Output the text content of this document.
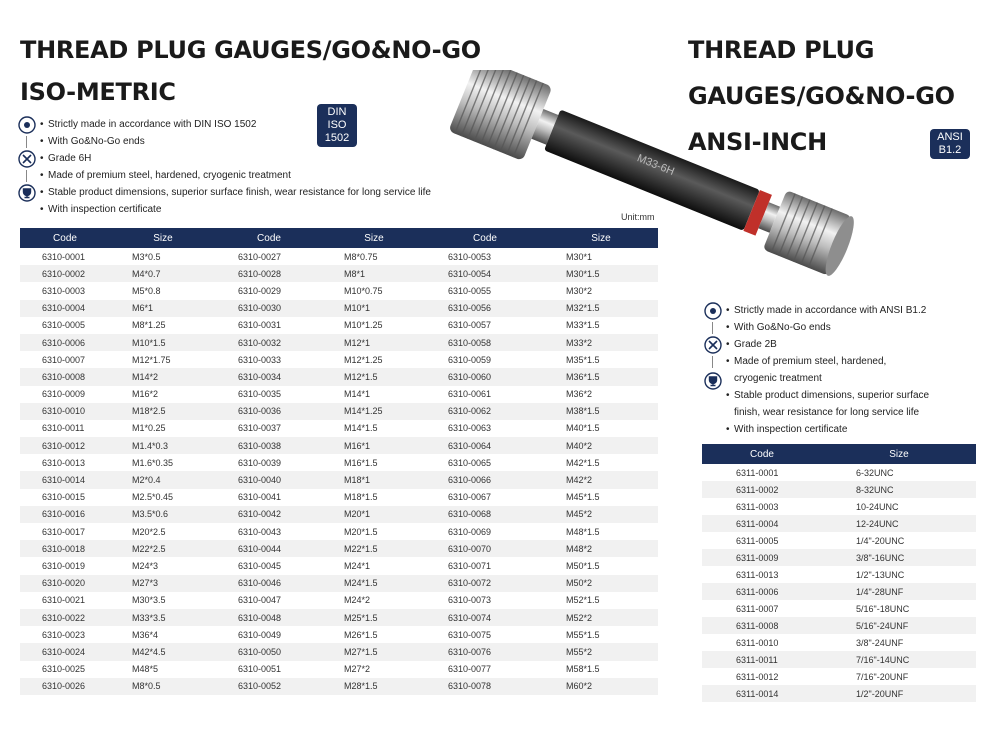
THREAD PLUG GAUGES/GO&NO-GO
ISO-METRIC
DIN ISO
1502
THREAD PLUG
GAUGES/GO&NO-GO
ANSI-INCH	ANSI
B1.2
M33-6H
• Strictly made in accordance with DIN ISO 1502
• With Go&No-Go ends
• Grade 6H
• Made of premium steel, hardened, cryogenic treatment
• Stable product dimensions, superior surface finish, wear resistance for long service life
• With inspection certificate
Unit:mm
Code	Size	Code	Size	Code	Size
6310-0001	M3*0.5	6310-0027	M8*0.75	6310-0053	M30*1
6310-0002	M4*0.7	6310-0028	M8*1	6310-0054	M30*1.5
6310-0003	M5*0.8	6310-0029	M10*0.75	6310-0055	M30*2
6310-0004	M6*1	6310-0030	M10*1	6310-0056	M32*1.5
6310-0005	M8*1.25	6310-0031	M10*1.25	6310-0057	M33*1.5
6310-0006	M10*1.5	6310-0032	M12*1	6310-0058	M33*2
6310-0007	M12*1.75	6310-0033	M12*1.25	6310-0059	M35*1.5
6310-0008	M14*2	6310-0034	M12*1.5	6310-0060	M36*1.5
6310-0009	M16*2	6310-0035	M14*1	6310-0061	M36*2
6310-0010	M18*2.5	6310-0036	M14*1.25	6310-0062	M38*1.5
6310-0011	M1*0.25	6310-0037	M14*1.5	6310-0063	M40*1.5
6310-0012	M1.4*0.3	6310-0038	M16*1	6310-0064	M40*2
6310-0013	M1.6*0.35	6310-0039	M16*1.5	6310-0065	M42*1.5
6310-0014	M2*0.4	6310-0040	M18*1	6310-0066	M42*2
6310-0015	M2.5*0.45	6310-0041	M18*1.5	6310-0067	M45*1.5
6310-0016	M3.5*0.6	6310-0042	M20*1	6310-0068	M45*2
6310-0017	M20*2.5	6310-0043	M20*1.5	6310-0069	M48*1.5
6310-0018	M22*2.5	6310-0044	M22*1.5	6310-0070	M48*2
6310-0019	M24*3	6310-0045	M24*1	6310-0071	M50*1.5
6310-0020	M27*3	6310-0046	M24*1.5	6310-0072	M50*2
6310-0021	M30*3.5	6310-0047	M24*2	6310-0073	M52*1.5
6310-0022	M33*3.5	6310-0048	M25*1.5	6310-0074	M52*2
6310-0023	M36*4	6310-0049	M26*1.5	6310-0075	M55*1.5
6310-0024	M42*4.5	6310-0050	M27*1.5	6310-0076	M55*2
6310-0025	M48*5	6310-0051	M27*2	6310-0077	M58*1.5
6310-0026	M8*0.5	6310-0052	M28*1.5	6310-0078	M60*2
• Strictly made in accordance with ANSI B1.2
• With Go&No-Go ends
• Grade 2B
• Made of premium steel, hardened,
cryogenic treatment
• Stable product dimensions, superior surface
finish, wear resistance for long service life
• With inspection certificate
Code	Size
6311-0001	6-32UNC
6311-0002	8-32UNC
6311-0003	10-24UNC
6311-0004	12-24UNC
6311-0005	1/4"-20UNC
6311-0009	3/8"-16UNC
6311-0013	1/2"-13UNC
6311-0006	1/4"-28UNF
6311-0007	5/16"-18UNC
6311-0008	5/16"-24UNF
6311-0010	3/8"-24UNF
6311-0011	7/16"-14UNC
6311-0012	7/16"-20UNF
6311-0014	1/2"-20UNF
